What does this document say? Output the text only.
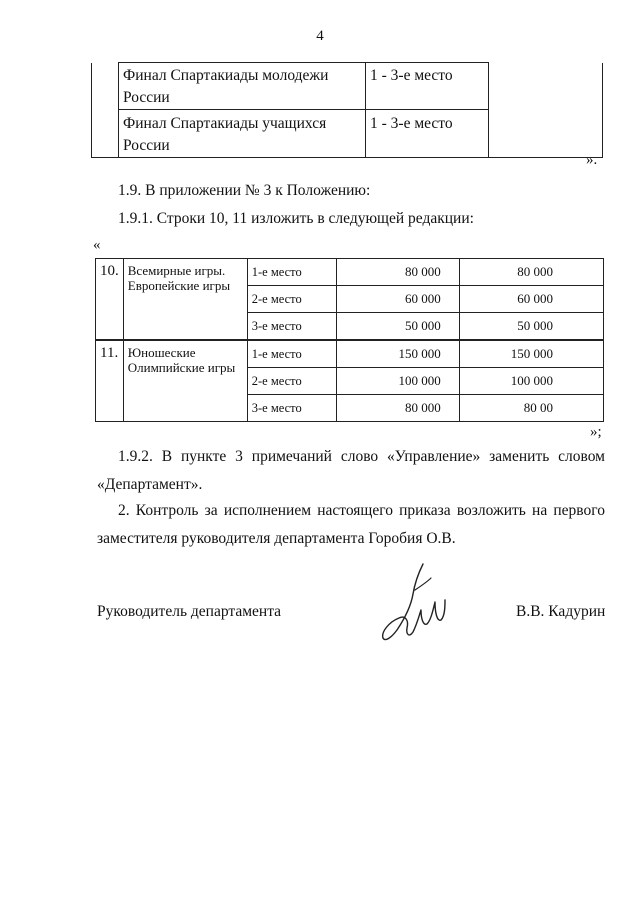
4
	Финал Спартакиады молодежи России	1 - 3-е место	
	Финал Спартакиады учащихся России	1 - 3-е место	
».
1.9. В приложении № 3 к Положению:
1.9.1. Строки 10, 11 изложить в следующей редакции:
«
10.	Всемирные игры. Европейские игры	1-е место	80 000	80 000
		2-е место	60 000	60 000
		3-е место	50 000	50 000
11.	Юношеские Олимпийские игры	1-е место	150 000	150 000
		2-е место	100 000	100 000
		3-е место	80 000	80 00
»;
1.9.2. В пункте 3 примечаний слово «Управление» заменить словом
«Департамент».
2. Контроль за исполнением настоящего приказа возложить на первого
заместителя руководителя департамента Горобия О.В.
Руководитель департамента	В.В. Кадурин
